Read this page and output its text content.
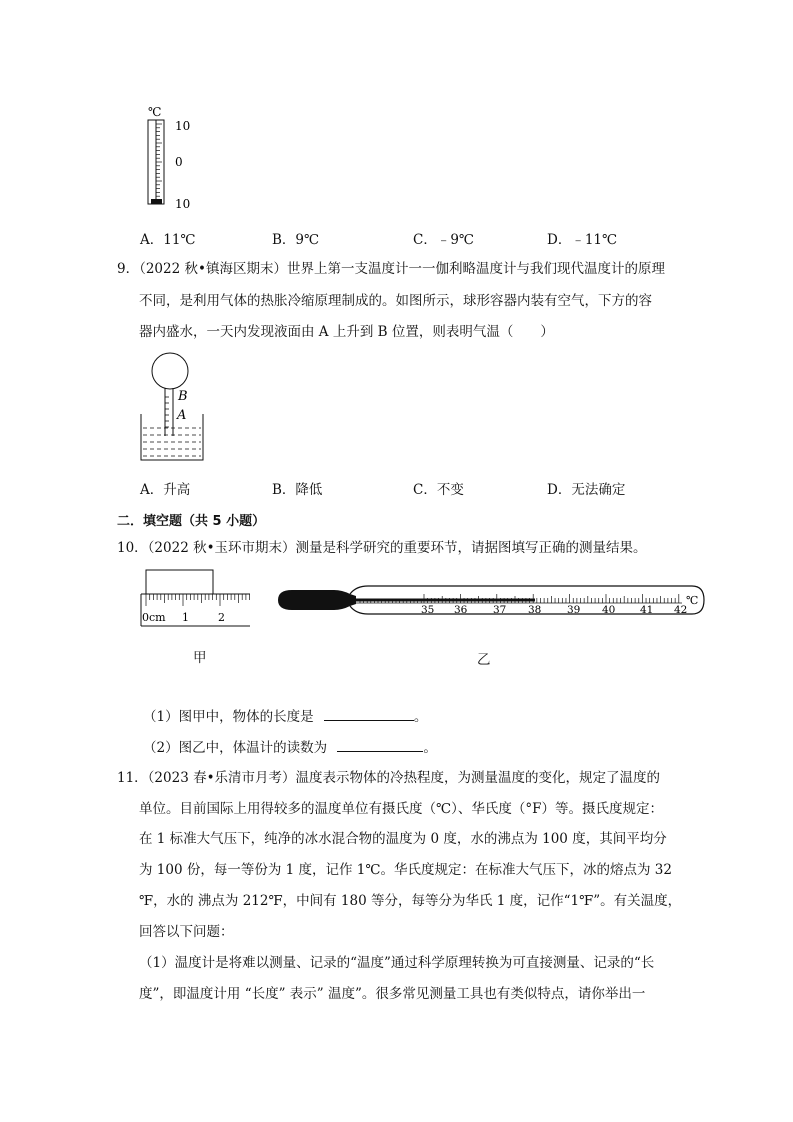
℃
10
0
10
A．11℃	B．9℃	C．﹣9℃	D．﹣11℃
9．（2022 秋•镇海区期末）世界上第一支温度计一一伽利略温度计与我们现代温度计的原理
不同，是利用气体的热胀冷缩原理制成的。如图所示，球形容器内装有空气，下方的容
器内盛水，一天内发现液面由 A 上升到 B 位置，则表明气温（　　）
B
A
A．升高	B．降低	C．不变	D．无法确定
二．填空题（共 5 小题）
10．（2022 秋•玉环市期末）测量是科学研究的重要环节，请据图填写正确的测量结果。
0cm 1	2
甲
35 36 37 38 39 40 41 42
℃
乙
（1）图甲中，物体的长度是	。
（2）图乙中，体温计的读数为	。
11．（2023 春•乐清市月考）温度表示物体的冷热程度，为测量温度的变化，规定了温度的
单位。目前国际上用得较多的温度单位有摄氏度（℃）、华氏度（°F）等。摄氏度规定：
在 1 标准大气压下，纯净的冰水混合物的温度为 0 度，水的沸点为 100 度，其间平均分
为 100 份，每一等份为 1 度，记作 1℃。华氏度规定：在标准大气压下，冰的熔点为 32
℉，水的 沸点为 212℉，中间有 180 等分，每等分为华氏 1 度，记作“1℉”。有关温度，
回答以下问题：
（1）温度计是将难以测量、记录的“温度”通过科学原理转换为可直接测量、记录的“长
度”，即温度计用 “长度” 表示” 温度”。很多常见测量工具也有类似特点，请你举出一
